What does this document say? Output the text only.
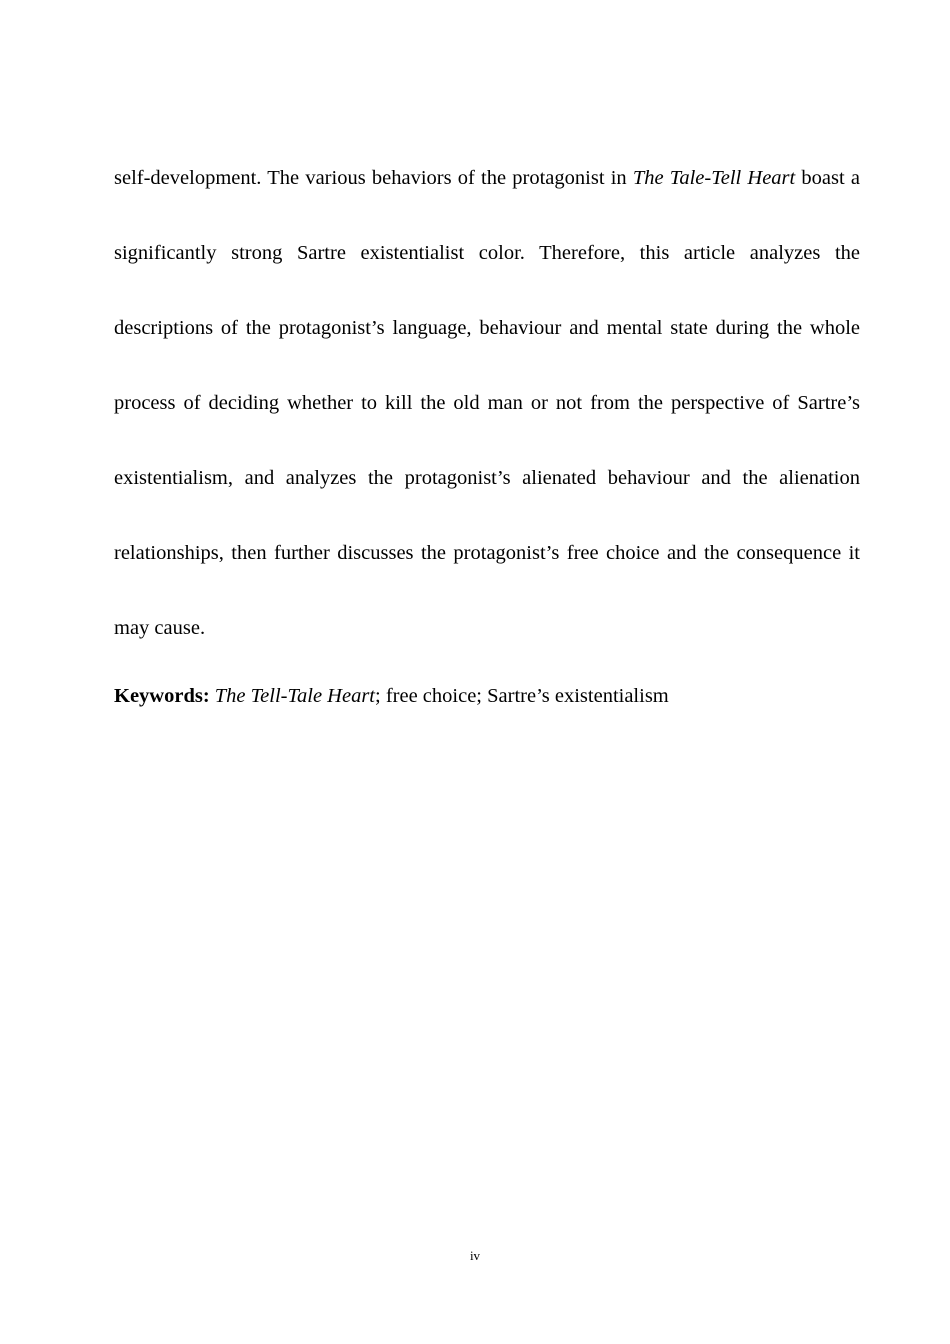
self-development. The various behaviors of the protagonist in The Tale-Tell Heart boast a significantly strong Sartre existentialist color. Therefore, this article analyzes the descriptions of the protagonist’s language, behaviour and mental state during the whole process of deciding whether to kill the old man or not from the perspective of Sartre’s existentialism, and analyzes the protagonist’s alienated behaviour and the alienation relationships, then further discusses the protagonist’s free choice and the consequence it may cause.

Keywords: The Tell-Tale Heart; free choice; Sartre’s existentialism

iv
